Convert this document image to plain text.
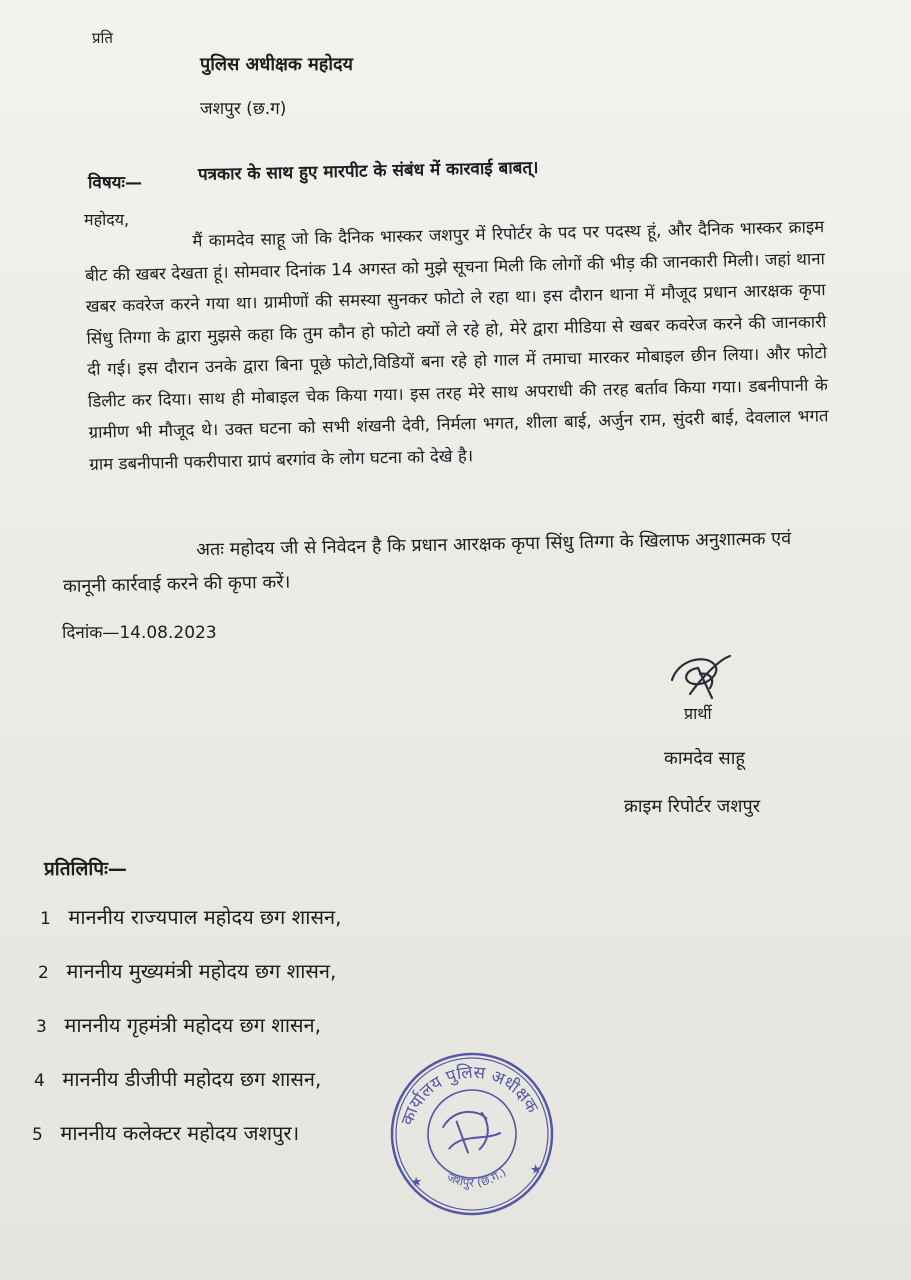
प्रति
पुलिस अधीक्षक महोदय
जशपुर (छ.ग)
विषयः—	पत्रकार के साथ हुए मारपीट के संबंध में कारवाई बाबत्।
महोदय,	मैं कामदेव साहू जो कि दैनिक भास्कर जशपुर में रिपोर्टर के पद पर पदस्थ हूं, और दैनिक भास्कर क्राइम बीट की खबर देखता हूं। सोमवार दिनांक 14 अगस्त को मुझे सूचना मिली कि लोगों की भीड़ की जानकारी मिली। जहां थाना खबर कवरेज करने गया था। ग्रामीणों की समस्या सुनकर फोटो ले रहा था। इस दौरान थाना में मौजूद प्रधान आरक्षक कृपा सिंधु तिग्गा के द्वारा मुझसे कहा कि तुम कौन हो फोटो क्यों ले रहे हो, मेरे द्वारा मीडिया से खबर कवरेज करने की जानकारी दी गई। इस दौरान उनके द्वारा बिना पूछे फोटो,विडियों बना रहे हो गाल में तमाचा मारकर मोबाइल छीन लिया। और फोटो डिलीट कर दिया। साथ ही मोबाइल चेक किया गया। इस तरह मेरे साथ अपराधी की तरह बर्ताव किया गया। डबनीपानी के ग्रामीण भी मौजूद थे। उक्त घटना को सभी शंखनी देवी, निर्मला भगत, शीला बाई, अर्जुन राम, सुंदरी बाई, देवलाल भगत ग्राम डबनीपानी पकरीपारा ग्रापं बरगांव के लोग घटना को देखे है।

अतः महोदय जी से निवेदन है कि प्रधान आरक्षक कृपा सिंधु तिग्गा के खिलाफ अनुशात्मक एवं कानूनी कार्रवाई करने की कृपा करें।

दिनांक—14.08.2023
प्रार्थी
कामदेव साहू
क्राइम रिपोर्टर जशपुर
प्रतिलिपिः—
1 माननीय राज्यपाल महोदय छग शासन,
2 माननीय मुख्यमंत्री महोदय छग शासन,
3 माननीय गृहमंत्री महोदय छग शासन,
4 माननीय डीजीपी महोदय छग शासन,
5 माननीय कलेक्टर महोदय जशपुर।
कार्यालय पुलिस अधीक्षक
जशपुर (छ.ग.)
★
★
